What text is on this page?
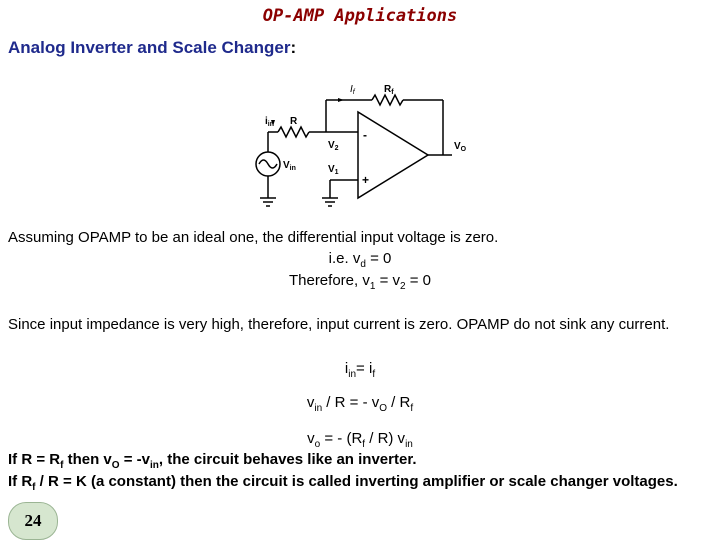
OP-AMP Applications
Analog Inverter and Scale Changer:
$I_f$	$R_f$
$i_{in}$ R
-
+
$V_2$
$V_1$
$V_{in}$
$V_O$
Assuming OPAMP to be an ideal one, the differential input voltage is zero.
i.e. $v_d = 0$
Therefore, $v_1 = v_2 = 0$
Since input impedance is very high, therefore, input current is zero. OPAMP do not sink any current.
$i_{in}= i_f$
$v_{in}$ / R = - $v_O / R_f$
$v_o$ = - $(R_f / R)$ $v_{in}$
If $R = R_f$ then $v_O = -v_{in}$, the circuit behaves like an inverter.
If $R_f / R = K$ (a constant) then the circuit is called inverting amplifier or scale changer voltages.
24
